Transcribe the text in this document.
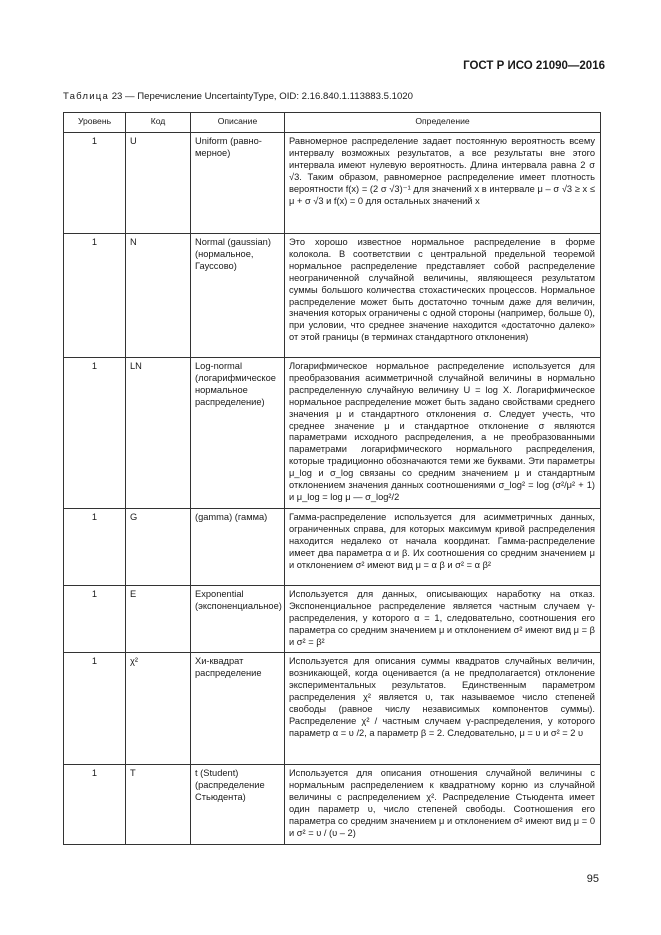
ГОСТ Р ИСО 21090—2016
Таблица 23 — Перечисление UncertaintyType, OID: 2.16.840.1.113883.5.1020
Уровень	Код	Описание	Определение
1	U	Uniform (равно-мерное)	Равномерное распределение задает постоянную вероятность всему интервалу возможных результатов, а все результаты вне этого интервала имеют нулевую вероятность. Длина интервала равна 2 σ √3. Таким образом, равномерное распределение имеет плотность вероятности f(x) = (2 σ √3)⁻¹ для значений x в интервале μ – σ √3 ≥ x ≤ μ + σ √3 и f(x) = 0 для остальных значений x
1	N	Normal (gaussian) (нормальное, Гауссово)	Это хорошо известное нормальное распределение в форме колокола. В соответствии с центральной предельной теоремой нормальное распределение представляет собой распределение неограниченной случайной величины, являющееся результатом суммы большого количества стохастических процессов. Нормальное распределение может быть достаточно точным даже для величин, значения которых ограничены с одной стороны (например, больше 0), при условии, что среднее значение находится «достаточно далеко» от этой границы (в терминах стандартного отклонения)
1	LN	Log-normal (логарифмическое нормальное распределение)	Логарифмическое нормальное распределение используется для преобразования асимметричной случайной величины в нормально распределенную случайную величину U = log X. Логарифмическое нормальное распределение может быть задано свойствами среднего значения μ и стандартного отклонения σ. Следует учесть, что среднее значение μ и стандартное отклонение σ являются параметрами исходного распределения, а не преобразованными параметрами логарифмического нормального распределения, которые традиционно обозначаются теми же буквами. Эти параметры μ_log и σ_log связаны со средним значением μ и стандартным отклонением значения данных соотношениями σ_log² = log (σ²/μ² + 1) и μ_log = log μ — σ_log²/2
1	G	(gamma) (гамма)	Гамма-распределение используется для асимметричных данных, ограниченных справа, для которых максимум кривой распределения находится недалеко от начала координат. Гамма-распределение имеет два параметра α и β. Их соотношения со средним значением μ и отклонением σ² имеют вид μ = α β и σ² = α β²
1	E	Exponential (экспоненциальное)	Используется для данных, описывающих наработку на отказ. Экспоненциальное распределение является частным случаем γ-распределения, у которого α = 1, следовательно, соотношения его параметра со средним значением μ и отклонением σ² имеют вид μ = β и σ² = β²
1	χ²	Хи-квадрат распределение	Используется для описания суммы квадратов случайных величин, возникающей, когда оценивается (а не предполагается) отклонение экспериментальных результатов. Единственным параметром распределения χ² является υ, так называемое число степеней свободы (равное числу независимых компонентов суммы). Распределение χ² / частным случаем γ-распределения, у которого параметр α = υ /2, а параметр β = 2. Следовательно, μ = υ и σ² = 2 υ
1	T	t (Student) (распределение Стьюдента)	Используется для описания отношения случайной величины с нормальным распределением к квадратному корню из случайной величины с распределением χ². Распределение Стьюдента имеет один параметр υ, число степеней свободы. Соотношения его параметра со средним значением μ и отклонением σ² имеют вид μ = 0 и σ² = υ / (υ – 2)
95
